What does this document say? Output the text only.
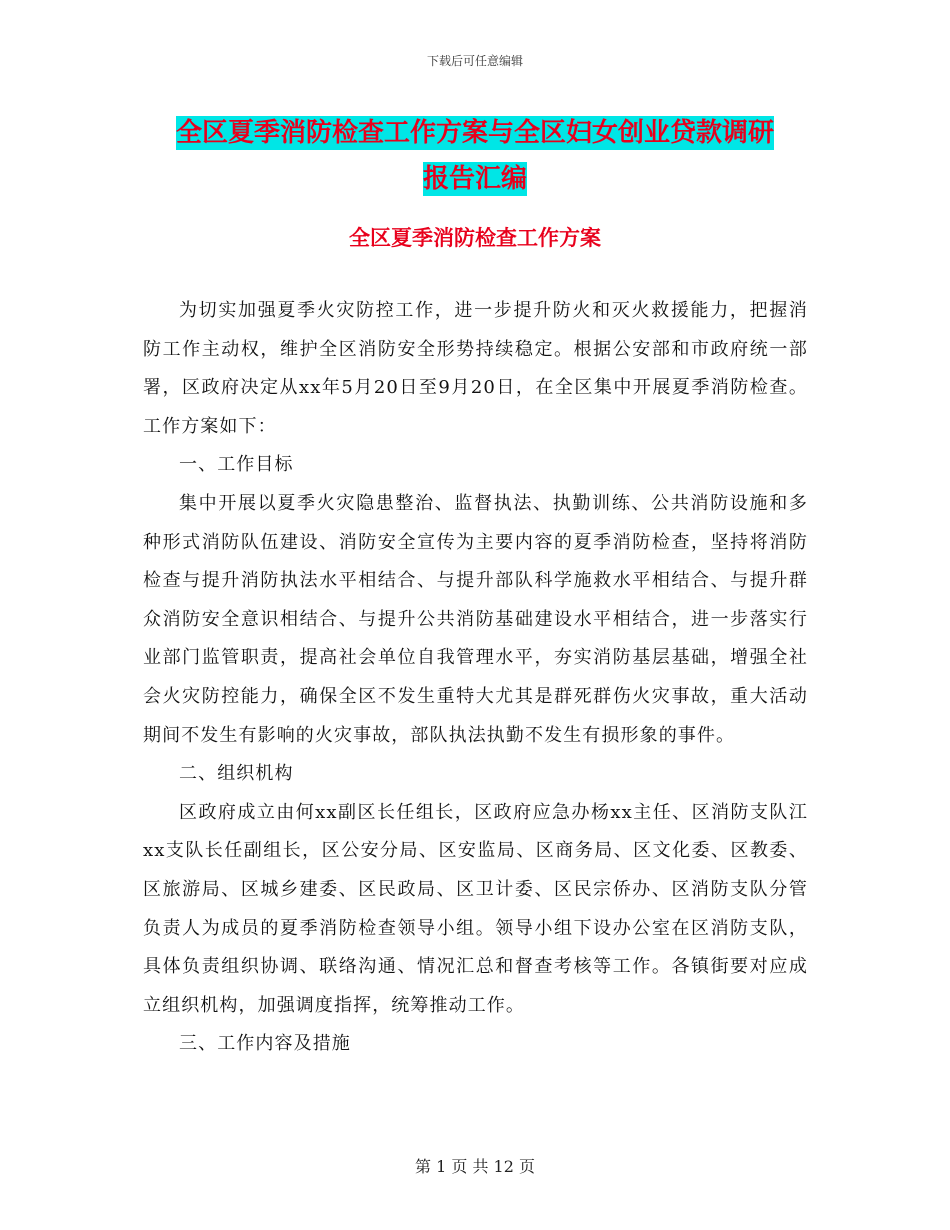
下载后可任意编辑
全区夏季消防检查工作方案与全区妇女创业贷款调研
报告汇编
全区夏季消防检查工作方案

为切实加强夏季火灾防控工作，进一步提升防火和灭火救援能力，把握消防工作主动权，维护全区消防安全形势持续稳定。根据公安部和市政府统一部署，区政府决定从xx年5月20日至9月20日，在全区集中开展夏季消防检查。工作方案如下：

一、工作目标

集中开展以夏季火灾隐患整治、监督执法、执勤训练、公共消防设施和多种形式消防队伍建设、消防安全宣传为主要内容的夏季消防检查，坚持将消防检查与提升消防执法水平相结合、与提升部队科学施救水平相结合、与提升群众消防安全意识相结合、与提升公共消防基础建设水平相结合，进一步落实行业部门监管职责，提高社会单位自我管理水平，夯实消防基层基础，增强全社会火灾防控能力，确保全区不发生重特大尤其是群死群伤火灾事故，重大活动期间不发生有影响的火灾事故，部队执法执勤不发生有损形象的事件。

二、组织机构

区政府成立由何xx副区长任组长，区政府应急办杨xx主任、区消防支队江xx支队长任副组长，区公安分局、区安监局、区商务局、区文化委、区教委、区旅游局、区城乡建委、区民政局、区卫计委、区民宗侨办、区消防支队分管负责人为成员的夏季消防检查领导小组。领导小组下设办公室在区消防支队，具体负责组织协调、联络沟通、情况汇总和督查考核等工作。各镇街要对应成立组织机构，加强调度指挥，统筹推动工作。

三、工作内容及措施

第 1 页 共 12 页
